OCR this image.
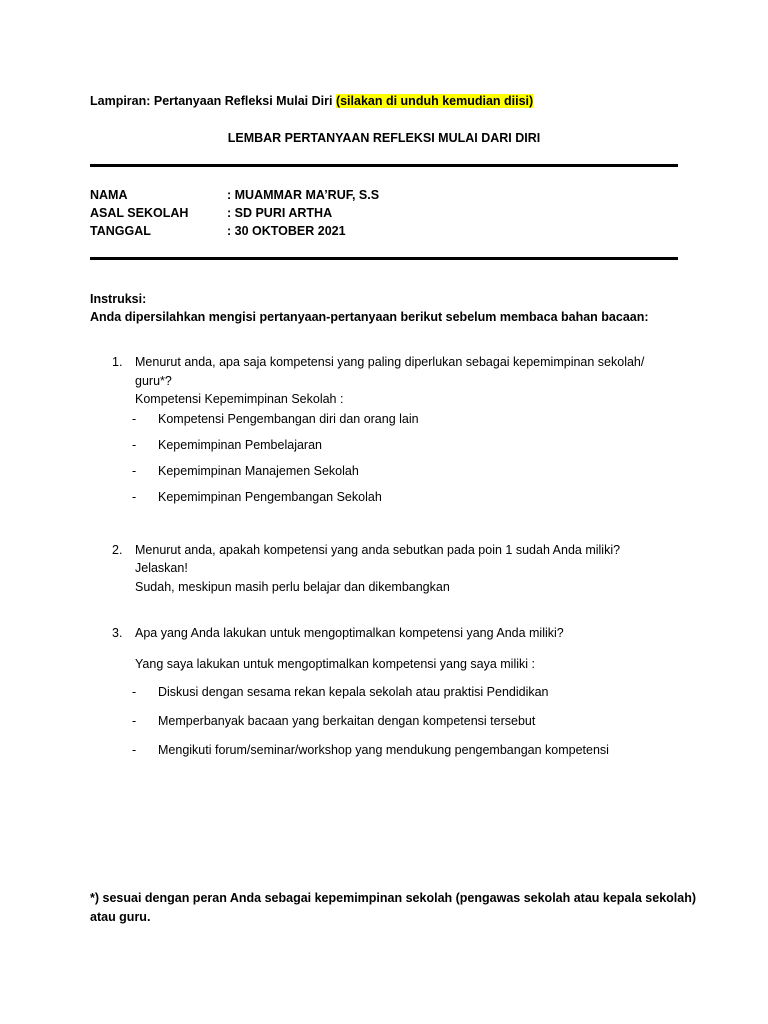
Lampiran: Pertanyaan Refleksi Mulai Diri (silakan di unduh kemudian diisi)
LEMBAR PERTANYAAN REFLEKSI MULAI DARI DIRI
NAMA	: MUAMMAR MA’RUF, S.S
ASAL SEKOLAH	: SD PURI ARTHA
TANGGAL	: 30 OKTOBER 2021
Instruksi:
Anda dipersilahkan mengisi pertanyaan-pertanyaan berikut sebelum membaca bahan bacaan:
1. Menurut anda, apa saja kompetensi yang paling diperlukan sebagai kepemimpinan sekolah/
guru*?
Kompetensi Kepemimpinan Sekolah :
- Kompetensi Pengembangan diri dan orang lain
- Kepemimpinan Pembelajaran
- Kepemimpinan Manajemen Sekolah
- Kepemimpinan Pengembangan Sekolah
2. Menurut anda, apakah kompetensi yang anda sebutkan pada poin 1 sudah Anda miliki?
Jelaskan!
Sudah, meskipun masih perlu belajar dan dikembangkan
3. Apa yang Anda lakukan untuk mengoptimalkan kompetensi yang Anda miliki?
Yang saya lakukan untuk mengoptimalkan kompetensi yang saya miliki :
- Diskusi dengan sesama rekan kepala sekolah atau praktisi Pendidikan
- Memperbanyak bacaan yang berkaitan dengan kompetensi tersebut
- Mengikuti forum/seminar/workshop yang mendukung pengembangan kompetensi
*) sesuai dengan peran Anda sebagai kepemimpinan sekolah (pengawas sekolah atau kepala sekolah)
atau guru.
